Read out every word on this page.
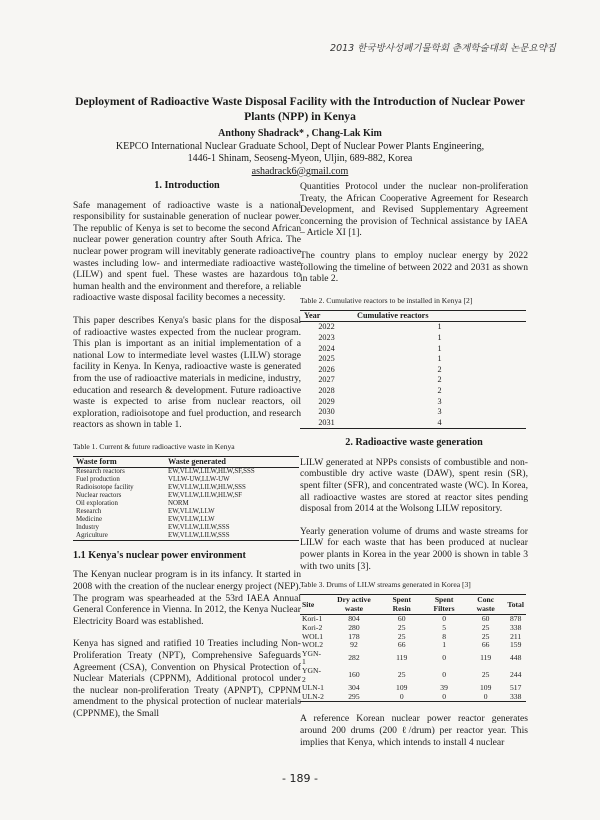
2013 한국방사성폐기물학회 춘계학술대회 논문요약집
Deployment of Radioactive Waste Disposal Facility with the Introduction of Nuclear Power Plants (NPP) in Kenya
Anthony Shadrack* , Chang-Lak Kim
KEPCO International Nuclear Graduate School, Dept of Nuclear Power Plants Engineering,
1446-1 Shinam, Seoseng-Myeon, Uljin, 689-882, Korea
ashadrack6@gmail.com
1. Introduction

Safe management of radioactive waste is a national responsibility for sustainable generation of nuclear power. The republic of Kenya is set to become the second African nuclear power generation country after South Africa. The nuclear power program will inevitably generate radioactive wastes including low- and intermediate radioactive waste (LILW) and spent fuel. These wastes are hazardous to human health and the environment and therefore, a reliable radioactive waste disposal facility becomes a necessity.

This paper describes Kenya's basic plans for the disposal of radioactive wastes expected from the nuclear program. This plan is important as an initial implementation of a national Low to intermediate level wastes (LILW) storage facility in Kenya. In Kenya, radioactive waste is generated from the use of radioactive materials in medicine, industry, education and research & development. Future radioactive waste is expected to arise from nuclear reactors, oil exploration, radioisotope and fuel production, and research reactors as shown in table 1.

Table 1. Current & future radioactive waste in Kenya
Waste form	Waste generated
Research reactors	EW,VLLW,LILW,HLW,SF,SSS
Fuel production	VLLW-UW,LLW-UW
Radioisotope facility	EW,VLLW,LILW,HLW,SSS
Nuclear reactors	EW,VLLW,LILW,HLW,SF
Oil exploration	NORM
Research	EW,VLLW,LLW
Medicine	EW,VLLW,LLW
Industry	EW,VLLW,LILW,SSS
Agriculture	EW,VLLW,LILW,SSS
1.1 Kenya's nuclear power environment

The Kenyan nuclear program is in its infancy. It started in 2008 with the creation of the nuclear energy project (NEP). The program was spearheaded at the 53rd IAEA Annual General Conference in Vienna. In 2012, the Kenya Nuclear Electricity Board was established.

Kenya has signed and ratified 10 Treaties including Non-Proliferation Treaty (NPT), Comprehensive Safeguards Agreement (CSA), Convention on Physical Protection of Nuclear Materials (CPPNM), Additional protocol under the nuclear non-proliferation Treaty (APNPT), CPPNM amendment to the physical protection of nuclear materials (CPPNME), the Small

Quantities Protocol under the nuclear non-proliferation Treaty, the African Cooperative Agreement for Research Development, and Revised Supplementary Agreement concerning the provision of Technical assistance by IAEA – Article XI [1].

The country plans to employ nuclear energy by 2022 following the timeline of between 2022 and 2031 as shown in table 2.

Table 2. Cumulative reactors to be installed in Kenya [2]
Year	Cumulative reactors
2022	1
2023	1
2024	1
2025	1
2026	2
2027	2
2028	2
2029	3
2030	3
2031	4
2. Radioactive waste generation

LILW generated at NPPs consists of combustible and non-combustible dry active waste (DAW), spent resin (SR), spent filter (SFR), and concentrated waste (WC). In Korea, all radioactive wastes are stored at reactor sites pending disposal from 2014 at the Wolsong LILW repository.

Yearly generation volume of drums and waste streams for LILW for each waste that has been produced at nuclear power plants in Korea in the year 2000 is shown in table 3 with two units [3].

Table 3. Drums of LILW streams generated in Korea [3]
Site	Dry active waste	Spent Resin	Spent Filters	Conc waste	Total
Kori-1	804	60	0	60	878
Kori-2	280	25	5	25	338
WOL1	178	25	8	25	211
WOL2	92	66	1	66	159
YGN-1	282	119	0	119	448
YGN-2	160	25	0	25	244
ULN-1	304	109	39	109	517
ULN-2	295	0	0	0	338

A reference Korean nuclear power reactor generates around 200 drums (200 ℓ/drum) per reactor year. This implies that Kenya, which intends to install 4 nuclear

- 189 -
